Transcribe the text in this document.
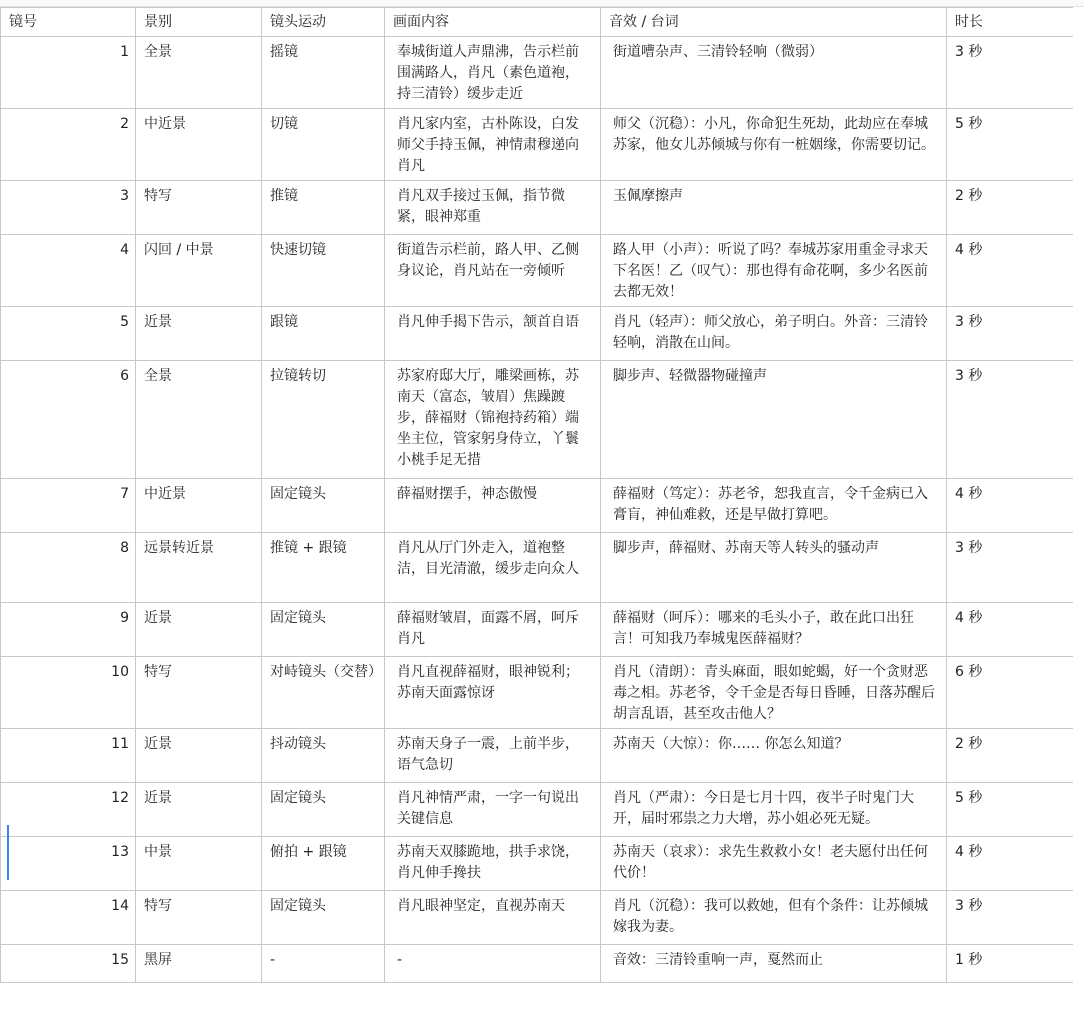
镜号	景别	镜头运动	画面内容	音效 / 台词	时长
1	全景	摇镜	奉城街道人声鼎沸，告示栏前围满路人，肖凡（素色道袍，持三清铃）缓步走近	街道嘈杂声、三清铃轻响（微弱）	3 秒
2	中近景	切镜	肖凡家内室，古朴陈设，白发师父手持玉佩，神情肃穆递向肖凡	师父（沉稳）：小凡，你命犯生死劫，此劫应在奉城苏家，他女儿苏倾城与你有一桩姻缘，你需要切记。	5 秒
3	特写	推镜	肖凡双手接过玉佩，指节微紧，眼神郑重	玉佩摩擦声	2 秒
4	闪回 / 中景	快速切镜	街道告示栏前，路人甲、乙侧身议论，肖凡站在一旁倾听	路人甲（小声）：听说了吗？奉城苏家用重金寻求天下名医！乙（叹气）：那也得有命花啊，多少名医前去都无效！	4 秒
5	近景	跟镜	肖凡伸手揭下告示，颔首自语	肖凡（轻声）：师父放心，弟子明白。外音：三清铃轻响，消散在山间。	3 秒
6	全景	拉镜转切	苏家府邸大厅，雕梁画栋，苏南天（富态，皱眉）焦躁踱步，薛福财（锦袍持药箱）端坐主位，管家躬身侍立，丫鬟小桃手足无措	脚步声、轻微器物碰撞声	3 秒
7	中近景	固定镜头	薛福财摆手，神态傲慢	薛福财（笃定）：苏老爷，恕我直言，令千金病已入膏肓，神仙难救，还是早做打算吧。	4 秒
8	远景转近景	推镜 + 跟镜	肖凡从厅门外走入，道袍整洁，目光清澈，缓步走向众人	脚步声，薛福财、苏南天等人转头的骚动声	3 秒
9	近景	固定镜头	薛福财皱眉，面露不屑，呵斥肖凡	薛福财（呵斥）：哪来的毛头小子，敢在此口出狂言！可知我乃奉城鬼医薛福财？	4 秒
10	特写	对峙镜头（交替）	肖凡直视薛福财，眼神锐利；苏南天面露惊讶	肖凡（清朗）：青头麻面，眼如蛇蝎，好一个贪财恶毒之相。苏老爷，令千金是否每日昏睡，日落苏醒后胡言乱语，甚至攻击他人？	6 秒
11	近景	抖动镜头	苏南天身子一震，上前半步，语气急切	苏南天（大惊）：你…… 你怎么知道？	2 秒
12	近景	固定镜头	肖凡神情严肃，一字一句说出关键信息	肖凡（严肃）：今日是七月十四，夜半子时鬼门大开，届时邪祟之力大增，苏小姐必死无疑。	5 秒
13	中景	俯拍 + 跟镜	苏南天双膝跪地，拱手求饶，肖凡伸手搀扶	苏南天（哀求）：求先生救救小女！老夫愿付出任何代价！	4 秒
14	特写	固定镜头	肖凡眼神坚定，直视苏南天	肖凡（沉稳）：我可以救她，但有个条件：让苏倾城嫁我为妻。	3 秒
15	黑屏	-	-	音效：三清铃重响一声，戛然而止	1 秒
